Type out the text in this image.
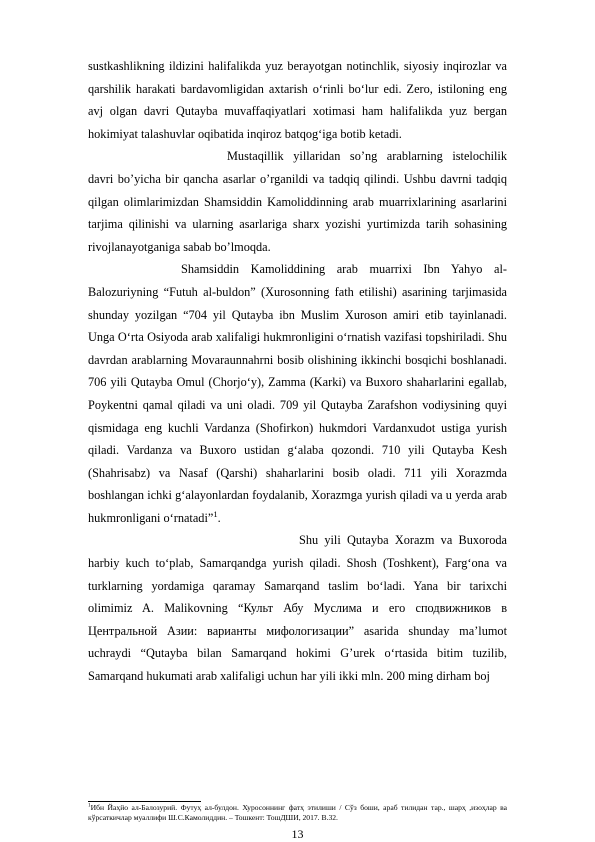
sustkashlikning ildizini halifalikda yuz berayotgan notinchlik, siyosiy inqirozlar va qarshilik harakati bardavomligidan axtarish o‘rinli bo‘lur edi. Zero, istiloning eng avj olgan davri Qutayba muvaffaqiyatlari xotimasi ham halifalikda yuz bergan hokimiyat talashuvlar oqibatida inqiroz batqog‘iga botib ketadi.

Mustaqillik yillaridan so’ng arablarning istelochilik davri bo’yicha bir qancha asarlar o’rganildi va tadqiq qilindi. Ushbu davrni tadqiq qilgan olimlarimizdan Shamsiddin Kamoliddinning arab muarrixlarining asarlarini tarjima qilinishi va ularning asarlariga sharx yozishi yurtimizda tarih sohasining rivojlanayotganiga sabab bo’lmoqda.

Shamsiddin Kamoliddining arab muarrixi Ibn Yahyo al-Balozuriyning “Futuh al-buldon” (Xurosonning fath etilishi) asarining tarjimasida shunday yozilgan “704 yil Qutayba ibn Muslim Xuroson amiri etib tayinlanadi. Unga O‘rta Osiyoda arab xalifaligi hukmronligini o‘rnatish vazifasi topshiriladi. Shu davrdan arablarning Movaraunnahrni bosib olishining ikkinchi bosqichi boshlanadi. 706 yili Qutayba Omul (Chorjo‘y), Zamma (Karki) va Buxoro shaharlarini egallab, Poykentni qamal qiladi va uni oladi. 709 yil Qutayba Zarafshon vodiysining quyi qismidaga eng kuchli Vardanza (Shofirkon) hukmdori Vardanxudot ustiga yurish qiladi. Vardanza va Buxoro ustidan g‘alaba qozondi. 710 yili Qutayba Kesh (Shahrisabz) va Nasaf (Qarshi) shaharlarini bosib oladi. 711 yili Xorazmda boshlangan ichki g‘alayonlardan foydalanib, Xorazmga yurish qiladi va u yerda arab hukmronligani o‘rnatadi”$^1$.

Shu yili Qutayba Xorazm va Buxoroda harbiy kuch to‘plab, Samarqandga yurish qiladi. Shosh (Toshkent), Farg‘ona va turklarning yordamiga qaramay Samarqand taslim bo‘ladi. Yana bir tarixchi olimimiz A. Malikovning “Культ Абу Муслима и его сподвижников в Центральной Азии: варианты мифологизации” asarida shunday ma’lumot uchraydi “Qutayba bilan Samarqand hokimi G’urek o‘rtasida bitim tuzilib, Samarqand hukumati arab xalifaligi uchun har yili ikki mln. 200 ming dirham boj

$^1$Ибн Йаҳйо ал-Балозурий. Футуҳ ал-булдон. Хуросоннинг фатҳ этилиши / Сўз боши, араб тилидан тар., шарҳ ,изоҳлар ва кўрсаткичлар муаллифи Ш.С.Камолиддин. – Тошкент: ТошДШИ, 2017. B.32.

13
